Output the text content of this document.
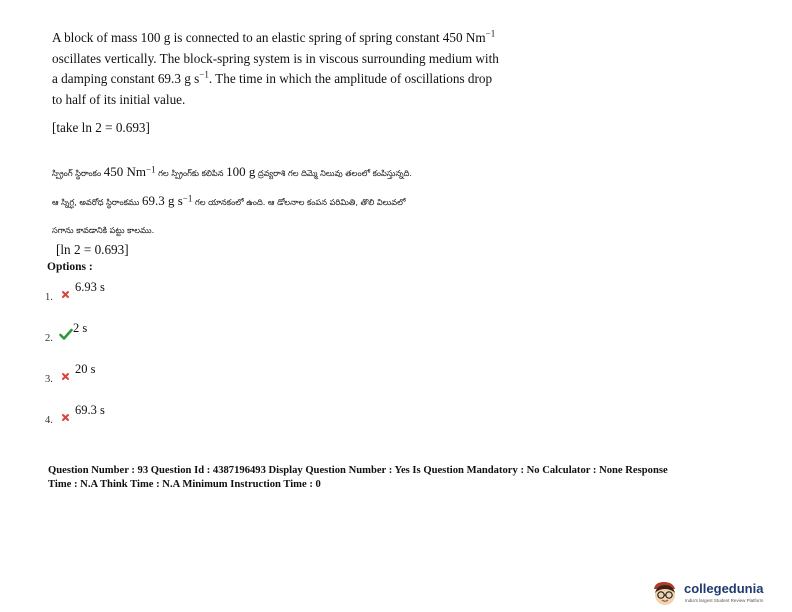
A block of mass 100 g is connected to an elastic spring of spring constant 450 $Nm^{-1}$
oscillates vertically. The block-spring system is in viscous surrounding medium with
a damping constant 69.3 g $s^{-1}$. The time in which the amplitude of oscillations drop
to half of its initial value.
[take ln 2 = 0.693]
స్ప్రింగ్ స్థిరాంకం 450 $Nm^{-1}$ గల స్ప్రింగ్‌కు కలిపిన 100 g ద్రవ్యరాశి గల దిమ్మె నిలువు తలంలో కంపిస్తున్నది.
ఆ స్నిగ్ధ, అవరోధ స్థిరాంకము 69.3 g $s^{-1}$ గల యానకంలో ఉంది. ఆ డోలనాల కంపన పరిమితి, తొలి విలువలో
సగాను కావడానికి పట్టు కాలము.
[ln 2 = 0.693]
Options :
1.
6.93 s
2.
2 s
3.
20 s
4.
69.3 s
Question Number : 93 Question Id : 4387196493 Display Question Number : Yes Is Question Mandatory : No Calculator : None Response
Time : N.A Think Time : N.A Minimum Instruction Time : 0
collegedunia
India's largest Student Review Platform
